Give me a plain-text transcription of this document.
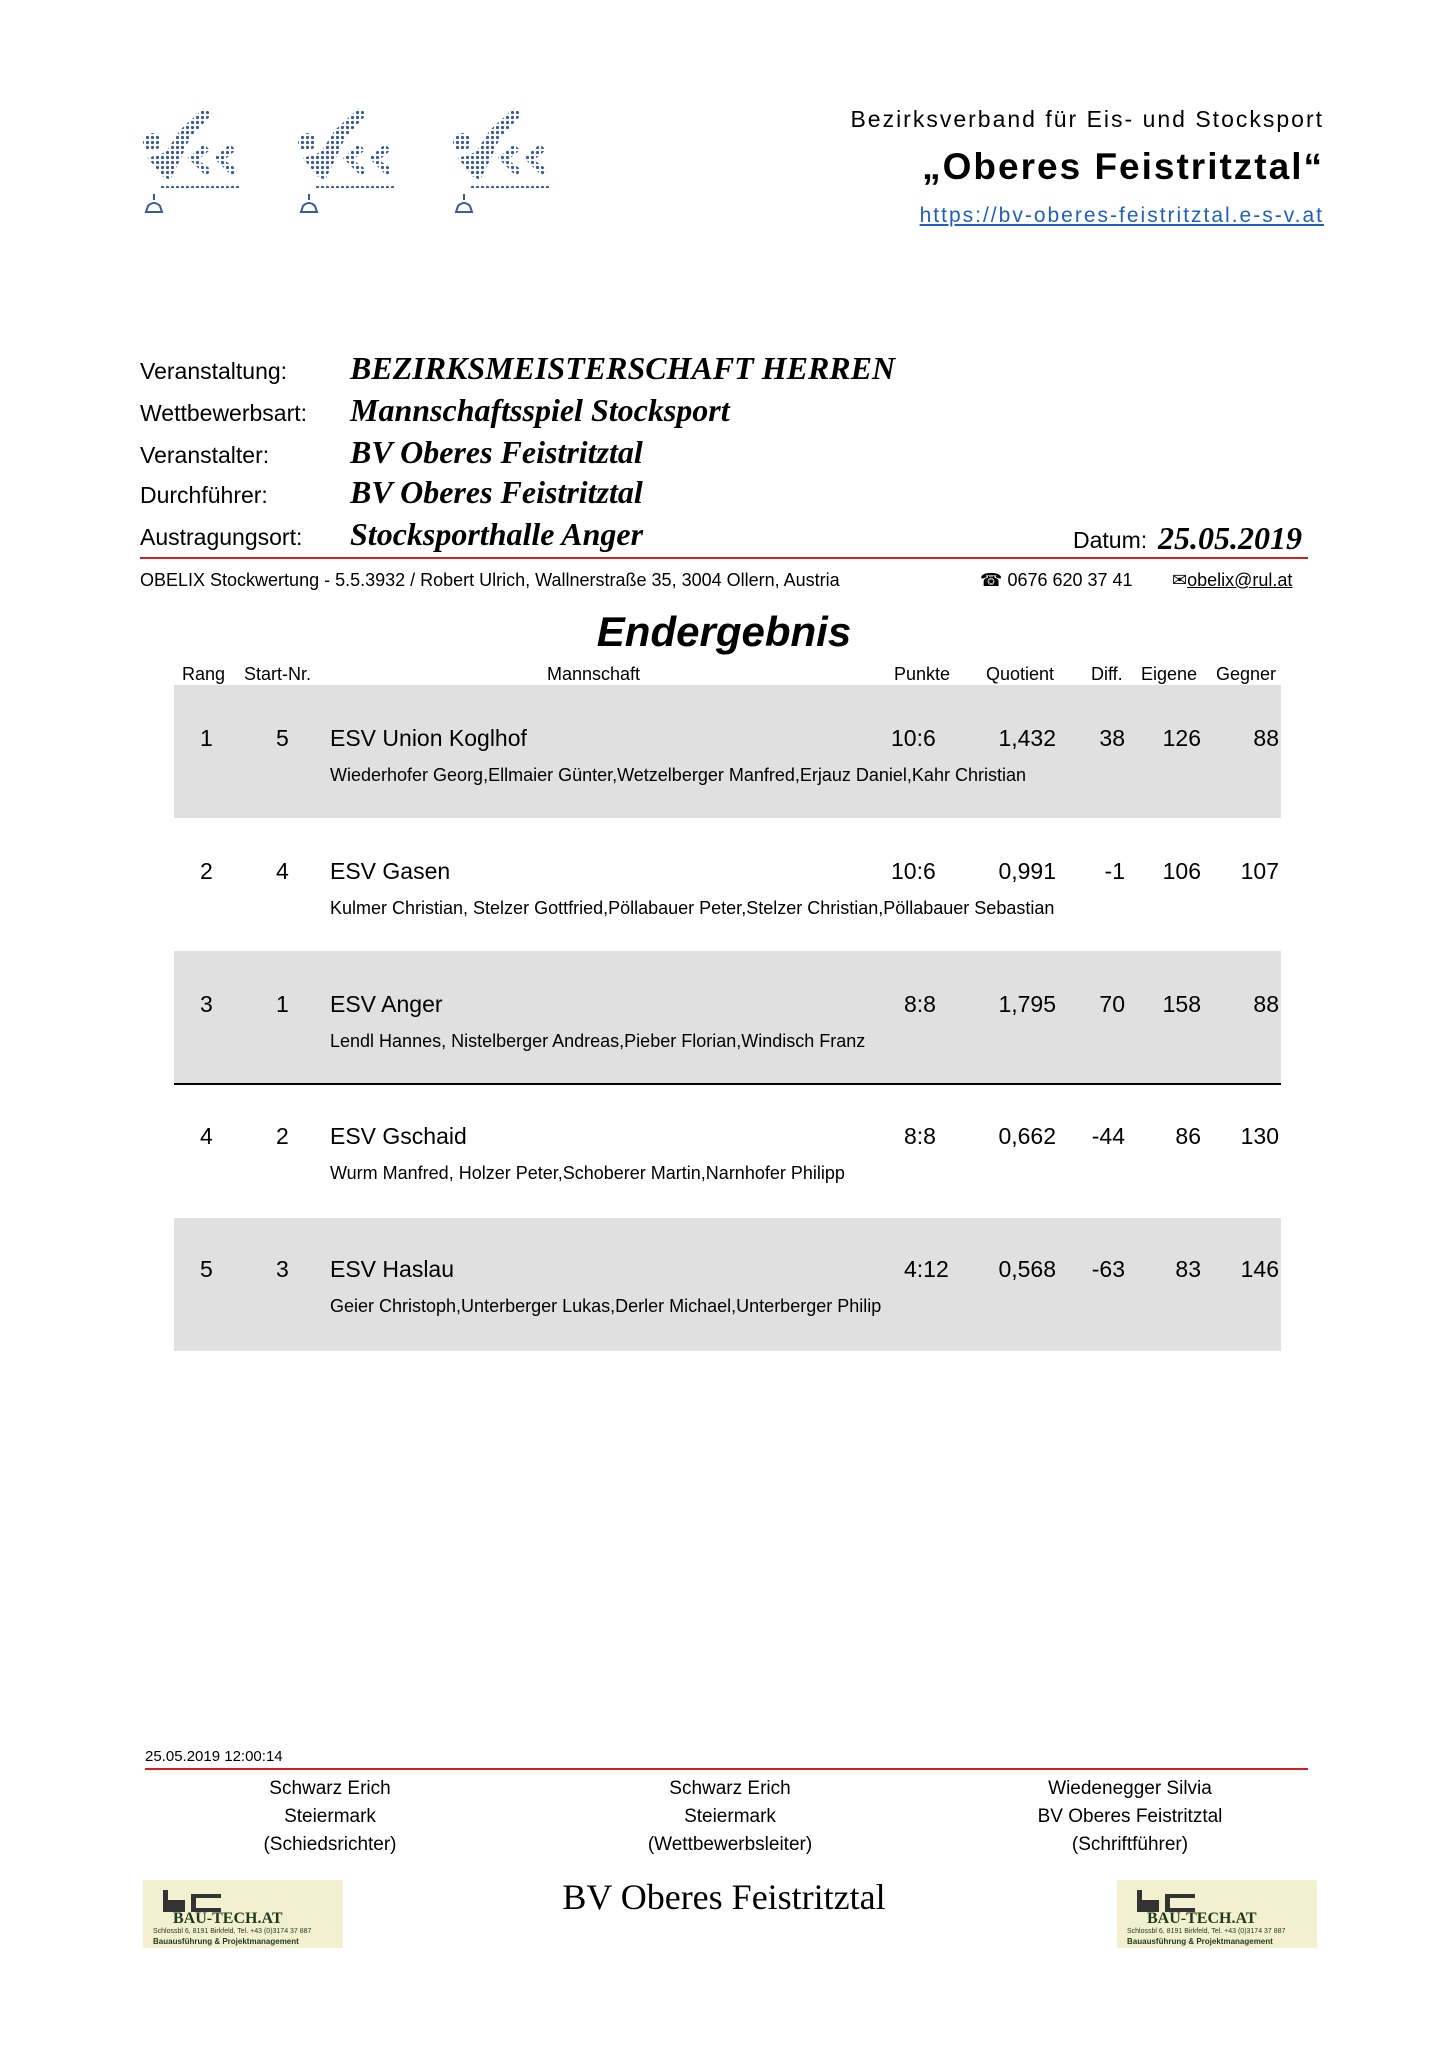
Bezirksverband für Eis- und Stocksport
„Oberes Feistritztal“
https://bv-oberes-feistritztal.e-s-v.at
Veranstaltung: BEZIRKSMEISTERSCHAFT HERREN
Wettbewerbsart: Mannschaftsspiel Stocksport
Veranstalter:	BV Oberes Feistritztal
Durchführer:	BV Oberes Feistritztal
Austragungsort: Stocksporthalle Anger	Datum: 25.05.2019
OBELIX Stockwertung - 5.5.3932 / Robert Ulrich, Wallnerstraße 35, 3004 Ollern, Austria	☎ 0676 620 37 41 ✉obelix@rul.at
Endergebnis
Rang Start-Nr.	Mannschaft	Punkte Quotient Diff. Eigene Gegner
1	5 ESV Union Koglhof	10:6	1,432 38 126 88
Wiederhofer Georg,Ellmaier Günter,Wetzelberger Manfred,Erjauz Daniel,Kahr Christian
2	4 ESV Gasen	10:6	0,991 -1 106 107
Kulmer Christian, Stelzer Gottfried,Pöllabauer Peter,Stelzer Christian,Pöllabauer Sebastian
3	1 ESV Anger	8:8	1,795 70 158 88
Lendl Hannes, Nistelberger Andreas,Pieber Florian,Windisch Franz
4	2 ESV Gschaid	8:8	0,662 -44 86 130
Wurm Manfred, Holzer Peter,Schoberer Martin,Narnhofer Philipp
5	3 ESV Haslau	4:12 0,568 -63 83 146
Geier Christoph,Unterberger Lukas,Derler Michael,Unterberger Philip
25.05.2019 12:00:14
Schwarz Erich
Steiermark
(Schiedsrichter)
Schwarz Erich
Steiermark
(Wettbewerbsleiter)
Wiedenegger Silvia
BV Oberes Feistritztal
(Schriftführer)
BAU-TECH.AT
Schlossbl 6, 8191 Birkfeld, Tel. +43 (0)3174 37 887
Bauausführung & Projektmanagement
BV Oberes Feistritztal
BAU-TECH.AT
Schlossbl 6, 8191 Birkfeld, Tel. +43 (0)3174 37 887
Bauausführung & Projektmanagement
